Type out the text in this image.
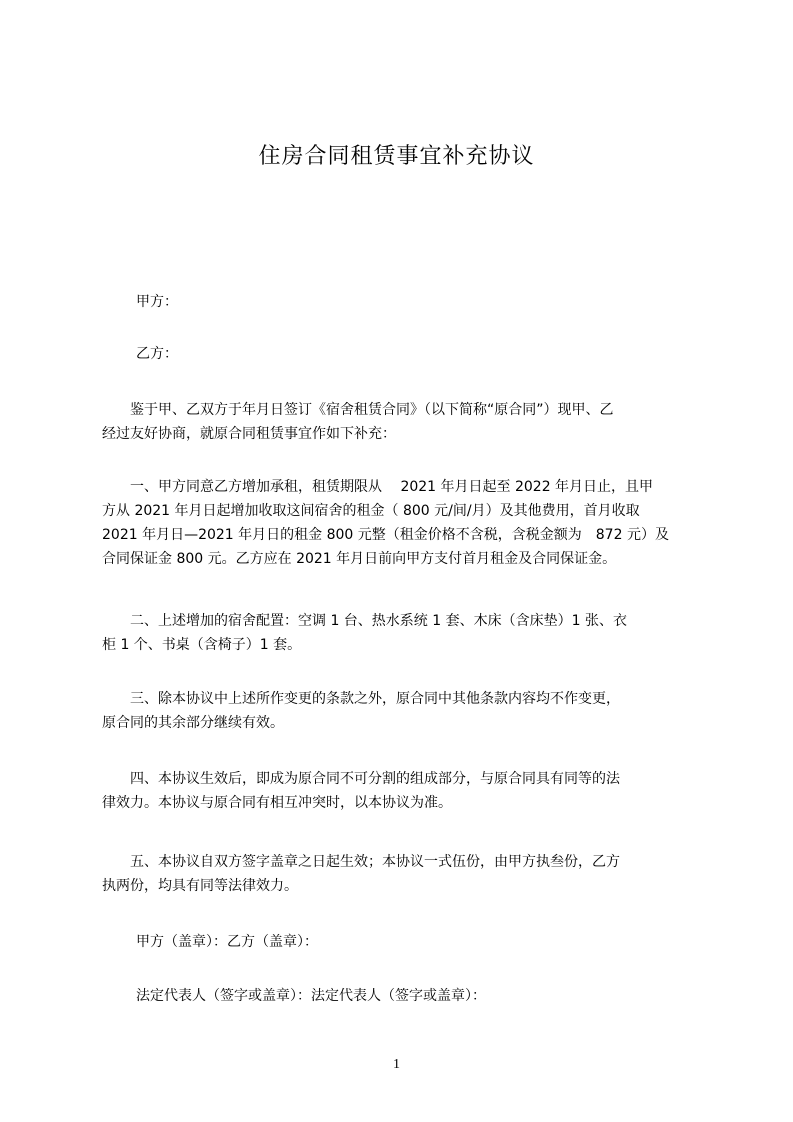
住房合同租赁事宜补充协议
甲方：
乙方：
　　鉴于甲、乙双方于年月日签订《宿舍租赁合同》（以下简称“原合同”）现甲、乙
经过友好协商，就原合同租赁事宜作如下补充：
　　一、甲方同意乙方增加承租，租赁期限从　 2021 年月日起至 2022 年月日止，且甲
方从 2021 年月日起增加收取这间宿舍的租金（ 800 元/间/月）及其他费用，首月收取
2021 年月日—2021 年月日的租金 800 元整（租金价格不含税，含税金额为　872 元）及
合同保证金 800 元。乙方应在 2021 年月日前向甲方支付首月租金及合同保证金。
　　二、上述增加的宿舍配置：空调 1 台、热水系统 1 套、木床（含床垫）1 张、衣
柜 1 个、书桌（含椅子）1 套。
　　三、除本协议中上述所作变更的条款之外，原合同中其他条款内容均不作变更，
原合同的其余部分继续有效。
　　四、本协议生效后，即成为原合同不可分割的组成部分，与原合同具有同等的法
律效力。本协议与原合同有相互冲突时，以本协议为准。
　　五、本协议自双方签字盖章之日起生效；本协议一式伍份，由甲方执叁份，乙方
执两份，均具有同等法律效力。
甲方（盖章）：乙方（盖章）：
法定代表人（签字或盖章）：法定代表人（签字或盖章）：
1
